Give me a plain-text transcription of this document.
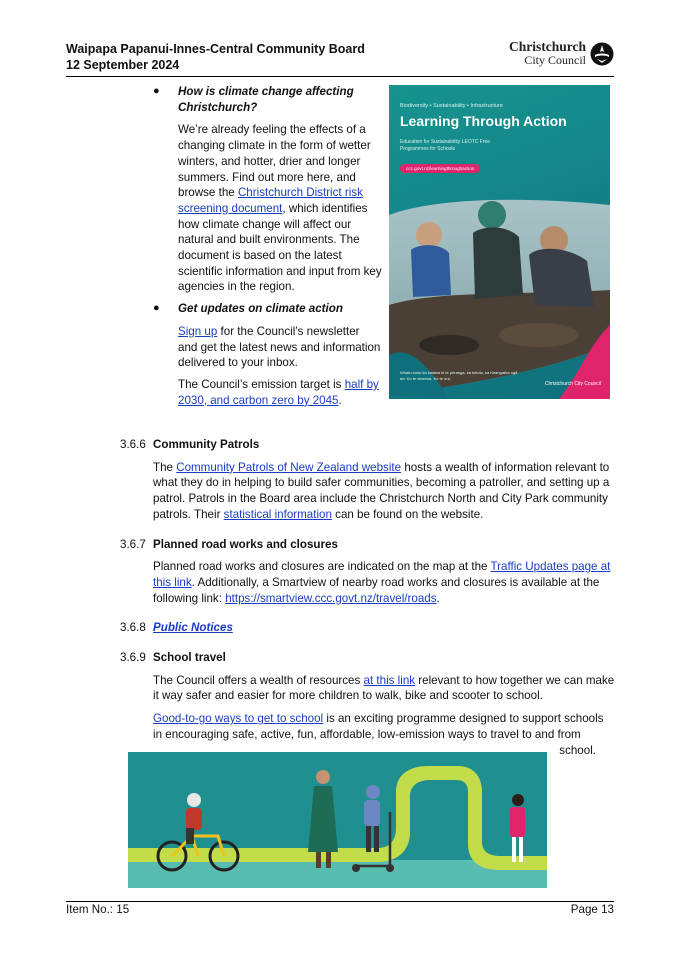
Waipapa Papanui-Innes-Central Community Board
12 September 2024
Christchurch
City Council
● How is climate change affecting Christchurch?

We’re already feeling the effects of a changing climate in the form of wetter winters, and hotter, drier and longer summers. Find out more here, and browse the Christchurch District risk screening document, which identifies how climate change will affect our natural and built environments. The document is based on the latest scientific information and input from key agencies in the region.

● Get updates on climate action

Sign up for the Council’s newsletter and get the latest news and information delivered to your inbox.

The Council’s emission target is half by 2030, and carbon zero by 2045.

Biodiversity • Sustainability • Infrastructure
Learning Through Action
Education for Sustainability LEOTC Free Programmes for Schools
ccc.govt.nz/learningthroughaction
Whatu nuku ka kaiawa ki te pōranga, ka tuituia, ka rūrangatira ngā iwi. Ko te whenua. Ko te ora.
Christchurch City Council
3.6.6 Community Patrols

The Community Patrols of New Zealand website hosts a wealth of information relevant to what they do in helping to build safer communities, becoming a patroller, and setting up a patrol. Patrols in the Board area include the Christchurch North and City Park community patrols. Their statistical information can be found on the website.

3.6.7 Planned road works and closures

Planned road works and closures are indicated on the map at the Traffic Updates page at this link. Additionally, a Smartview of nearby road works and closures is available at the following link: https://smartview.ccc.govt.nz/travel/roads.

3.6.8 Public Notices
3.6.9 School travel

The Council offers a wealth of resources at this link relevant to how together we can make it way safer and easier for more children to walk, bike and scooter to school.

Good-to-go ways to get to school is an exciting programme designed to support schools in encouraging safe, active, fun, affordable, low-emission ways to travel to and from

school.
Item No.: 15	Page 13
